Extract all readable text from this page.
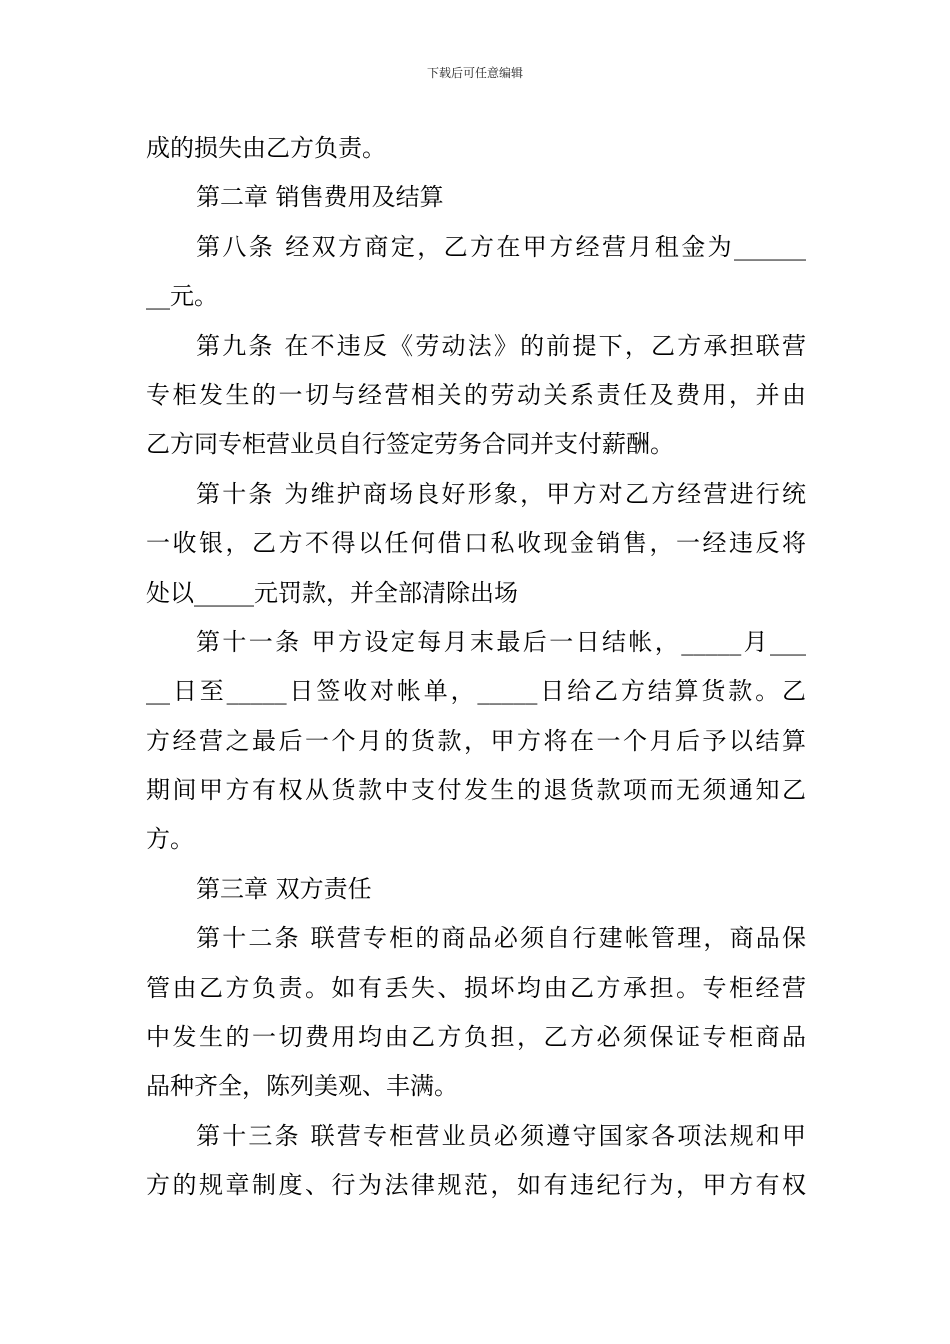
下载后可任意编辑
成的损失由乙方负责。
第二章 销售费用及结算
第八条 经双方商定，乙方在甲方经营月租金为______
__元。
第九条 在不违反《劳动法》的前提下，乙方承担联营
专柜发生的一切与经营相关的劳动关系责任及费用，并由
乙方同专柜营业员自行签定劳务合同并支付薪酬。
第十条 为维护商场良好形象，甲方对乙方经营进行统
一收银，乙方不得以任何借口私收现金销售，一经违反将
处以_____元罚款，并全部清除出场
第十一条 甲方设定每月末最后一日结帐，_____月___
__日至_____日签收对帐单，_____日给乙方结算货款。乙
方经营之最后一个月的货款，甲方将在一个月后予以结算
期间甲方有权从货款中支付发生的退货款项而无须通知乙
方。
第三章 双方责任
第十二条 联营专柜的商品必须自行建帐管理，商品保
管由乙方负责。如有丢失、损坏均由乙方承担。专柜经营
中发生的一切费用均由乙方负担，乙方必须保证专柜商品
品种齐全，陈列美观、丰满。
第十三条 联营专柜营业员必须遵守国家各项法规和甲
方的规章制度、行为法律规范，如有违纪行为，甲方有权
